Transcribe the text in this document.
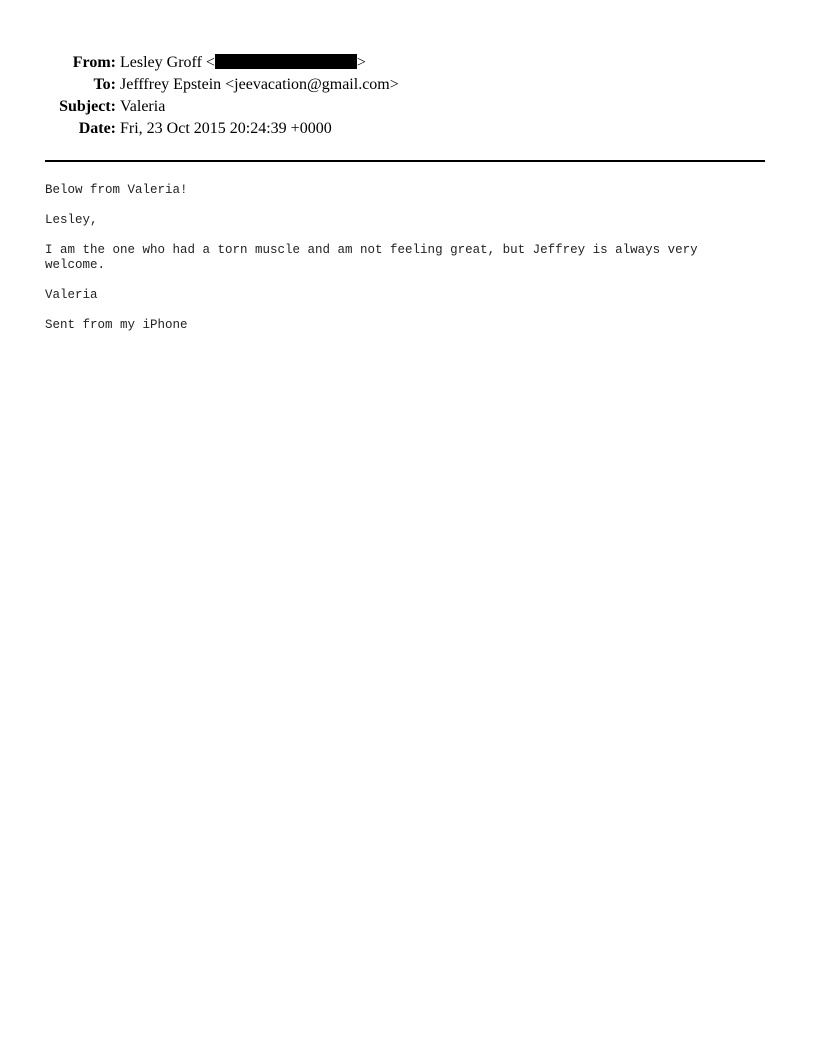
From: Lesley Groff <	>
To: Jefffrey Epstein <jeevacation@gmail.com>
Subject: Valeria
Date: Fri, 23 Oct 2015 20:24:39 +0000

Below from Valeria!

Lesley,

I am the one who had a torn muscle and am not feeling great, but Jeffrey is always very welcome.

Valeria

Sent from my iPhone
